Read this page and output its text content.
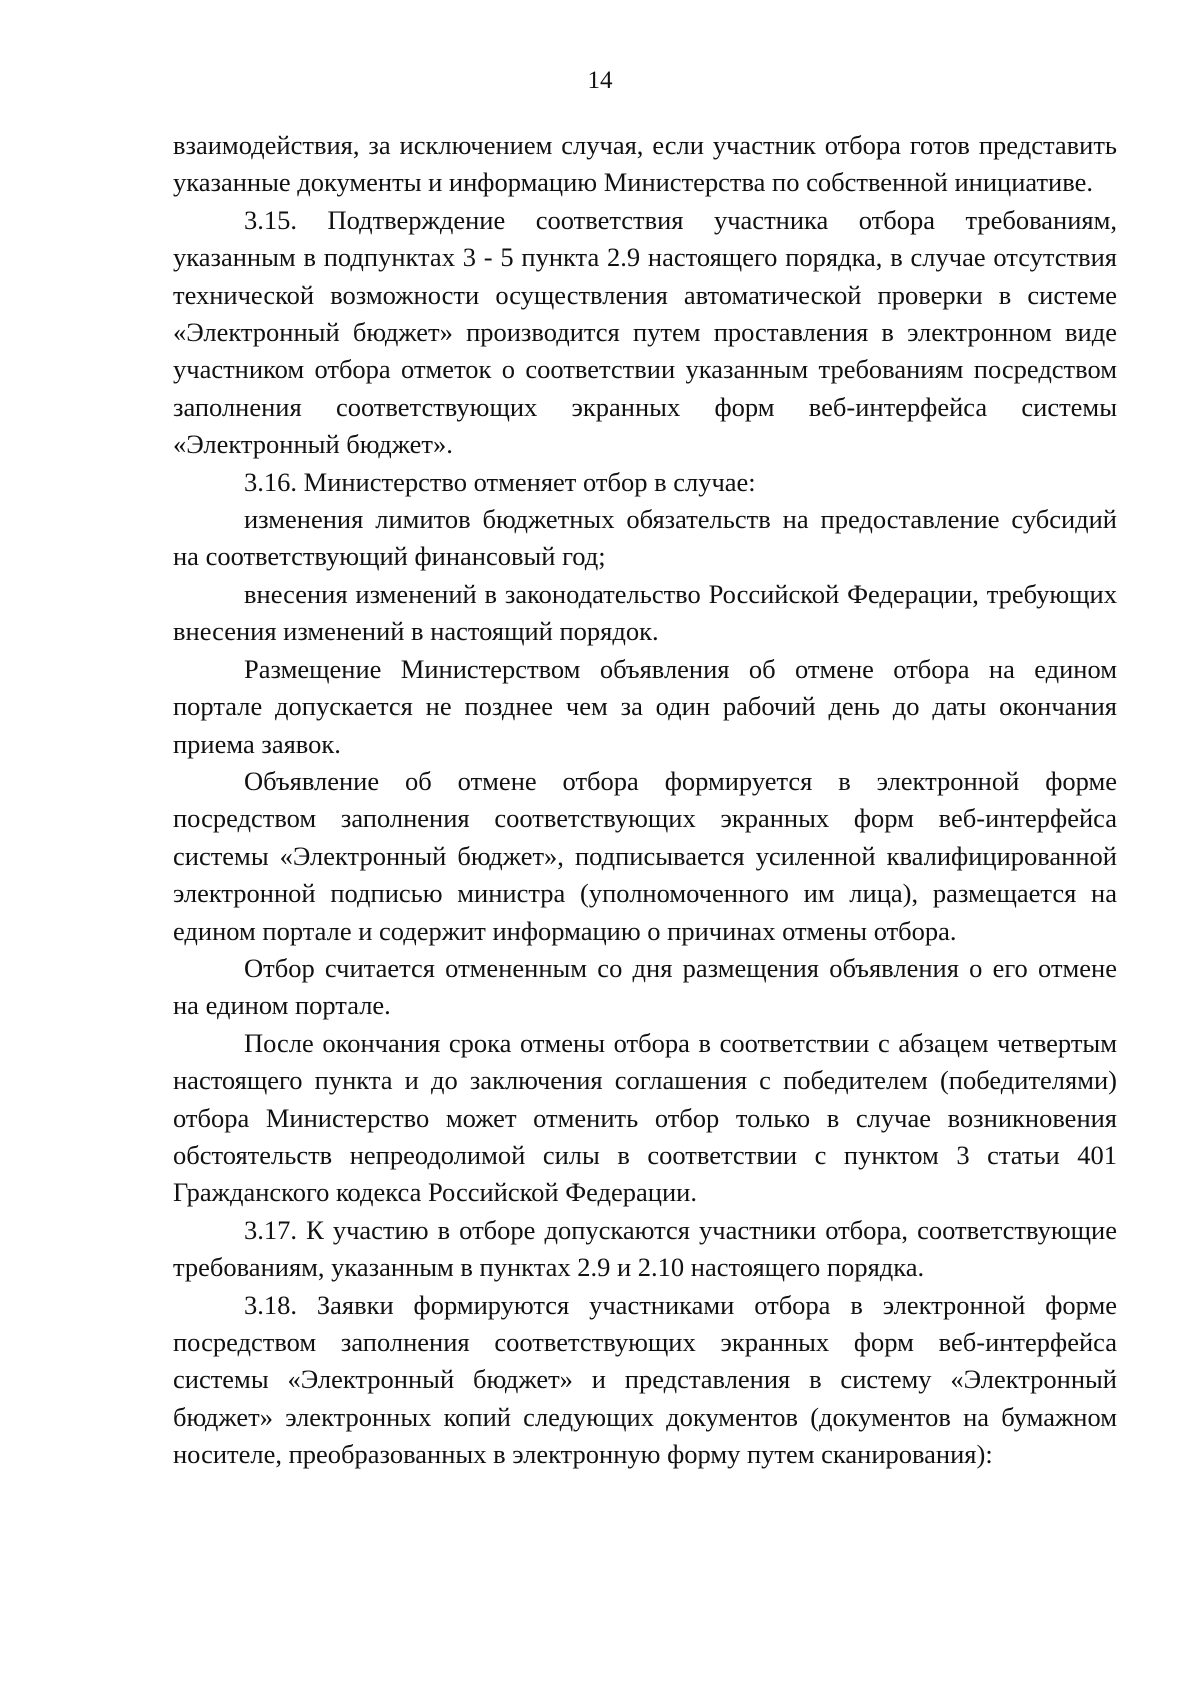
14

взаимодействия, за исключением случая, если участник отбора готов представить указанные документы и информацию Министерства по собственной инициативе.

3.15. Подтверждение соответствия участника отбора требованиям, указанным в подпунктах 3 - 5 пункта 2.9 настоящего порядка, в случае отсутствия технической возможности осуществления автоматической проверки в системе «Электронный бюджет» производится путем проставления в электронном виде участником отбора отметок о соответствии указанным требованиям посредством заполнения соответствующих экранных форм веб-интерфейса системы «Электронный бюджет».

3.16. Министерство отменяет отбор в случае:

изменения лимитов бюджетных обязательств на предоставление субсидий на соответствующий финансовый год;

внесения изменений в законодательство Российской Федерации, требующих внесения изменений в настоящий порядок.

Размещение Министерством объявления об отмене отбора на едином портале допускается не позднее чем за один рабочий день до даты окончания приема заявок.

Объявление об отмене отбора формируется в электронной форме посредством заполнения соответствующих экранных форм веб-интерфейса системы «Электронный бюджет», подписывается усиленной квалифицированной электронной подписью министра (уполномоченного им лица), размещается на едином портале и содержит информацию о причинах отмены отбора.

Отбор считается отмененным со дня размещения объявления о его отмене на едином портале.

После окончания срока отмены отбора в соответствии с абзацем четвертым настоящего пункта и до заключения соглашения с победителем (победителями) отбора Министерство может отменить отбор только в случае возникновения обстоятельств непреодолимой силы в соответствии с пунктом 3 статьи 401 Гражданского кодекса Российской Федерации.

3.17. К участию в отборе допускаются участники отбора, соответствующие требованиям, указанным в пунктах 2.9 и 2.10 настоящего порядка.

3.18. Заявки формируются участниками отбора в электронной форме посредством заполнения соответствующих экранных форм веб-интерфейса системы «Электронный бюджет» и представления в систему «Электронный бюджет» электронных копий следующих документов (документов на бумажном носителе, преобразованных в электронную форму путем сканирования):
